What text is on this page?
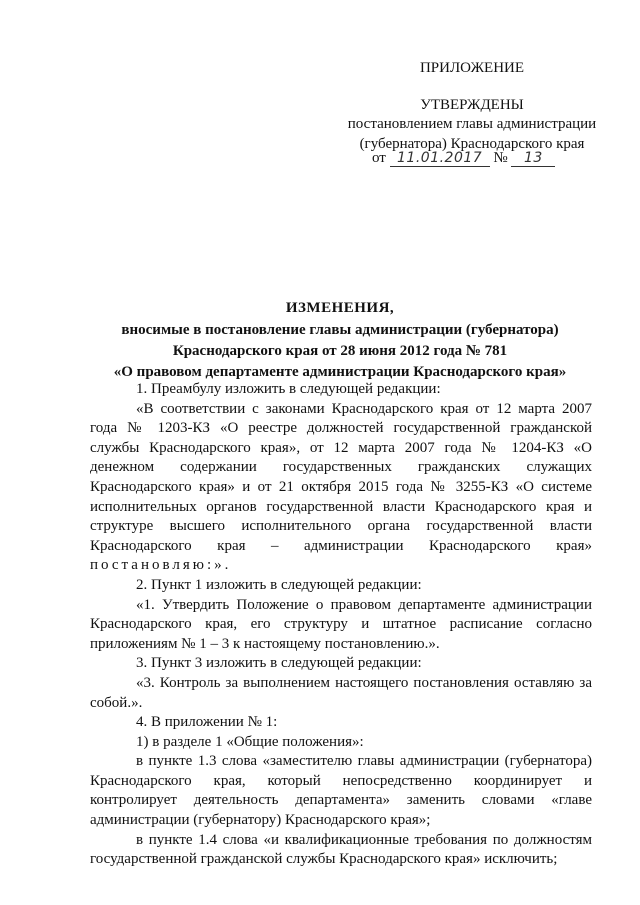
ПРИЛОЖЕНИЕ
УТВЕРЖДЕНЫ
постановлением главы администрации
(губернатора) Краснодарского края
от 11.01.2017 № 13
ИЗМЕНЕНИЯ,
вносимые в постановление главы администрации (губернатора)
Краснодарского края от 28 июня 2012 года № 781
«О правовом департаменте администрации Краснодарского края»

1. Преамбулу изложить в следующей редакции:

«В соответствии с законами Краснодарского края от 12 марта 2007 года № 1203-КЗ «О реестре должностей государственной гражданской службы Краснодарского края», от 12 марта 2007 года № 1204-КЗ «О денежном содержании государственных гражданских служащих Краснодарского края» и от 21 октября 2015 года № 3255-КЗ «О системе исполнительных органов государственной власти Краснодарского края и структуре высшего исполнительного органа государственной власти Краснодарского края – администрации Краснодарского края» постановляю:».

2. Пункт 1 изложить в следующей редакции:

«1. Утвердить Положение о правовом департаменте администрации Краснодарского края, его структуру и штатное расписание согласно приложениям № 1 – 3 к настоящему постановлению.».

3. Пункт 3 изложить в следующей редакции:

«3. Контроль за выполнением настоящего постановления оставляю за собой.».

4. В приложении № 1:

1) в разделе 1 «Общие положения»:

в пункте 1.3 слова «заместителю главы администрации (губернатора) Краснодарского края, который непосредственно координирует и контролирует деятельность департамента» заменить словами «главе администрации (губернатору) Краснодарского края»;

в пункте 1.4 слова «и квалификационные требования по должностям государственной гражданской службы Краснодарского края» исключить;
